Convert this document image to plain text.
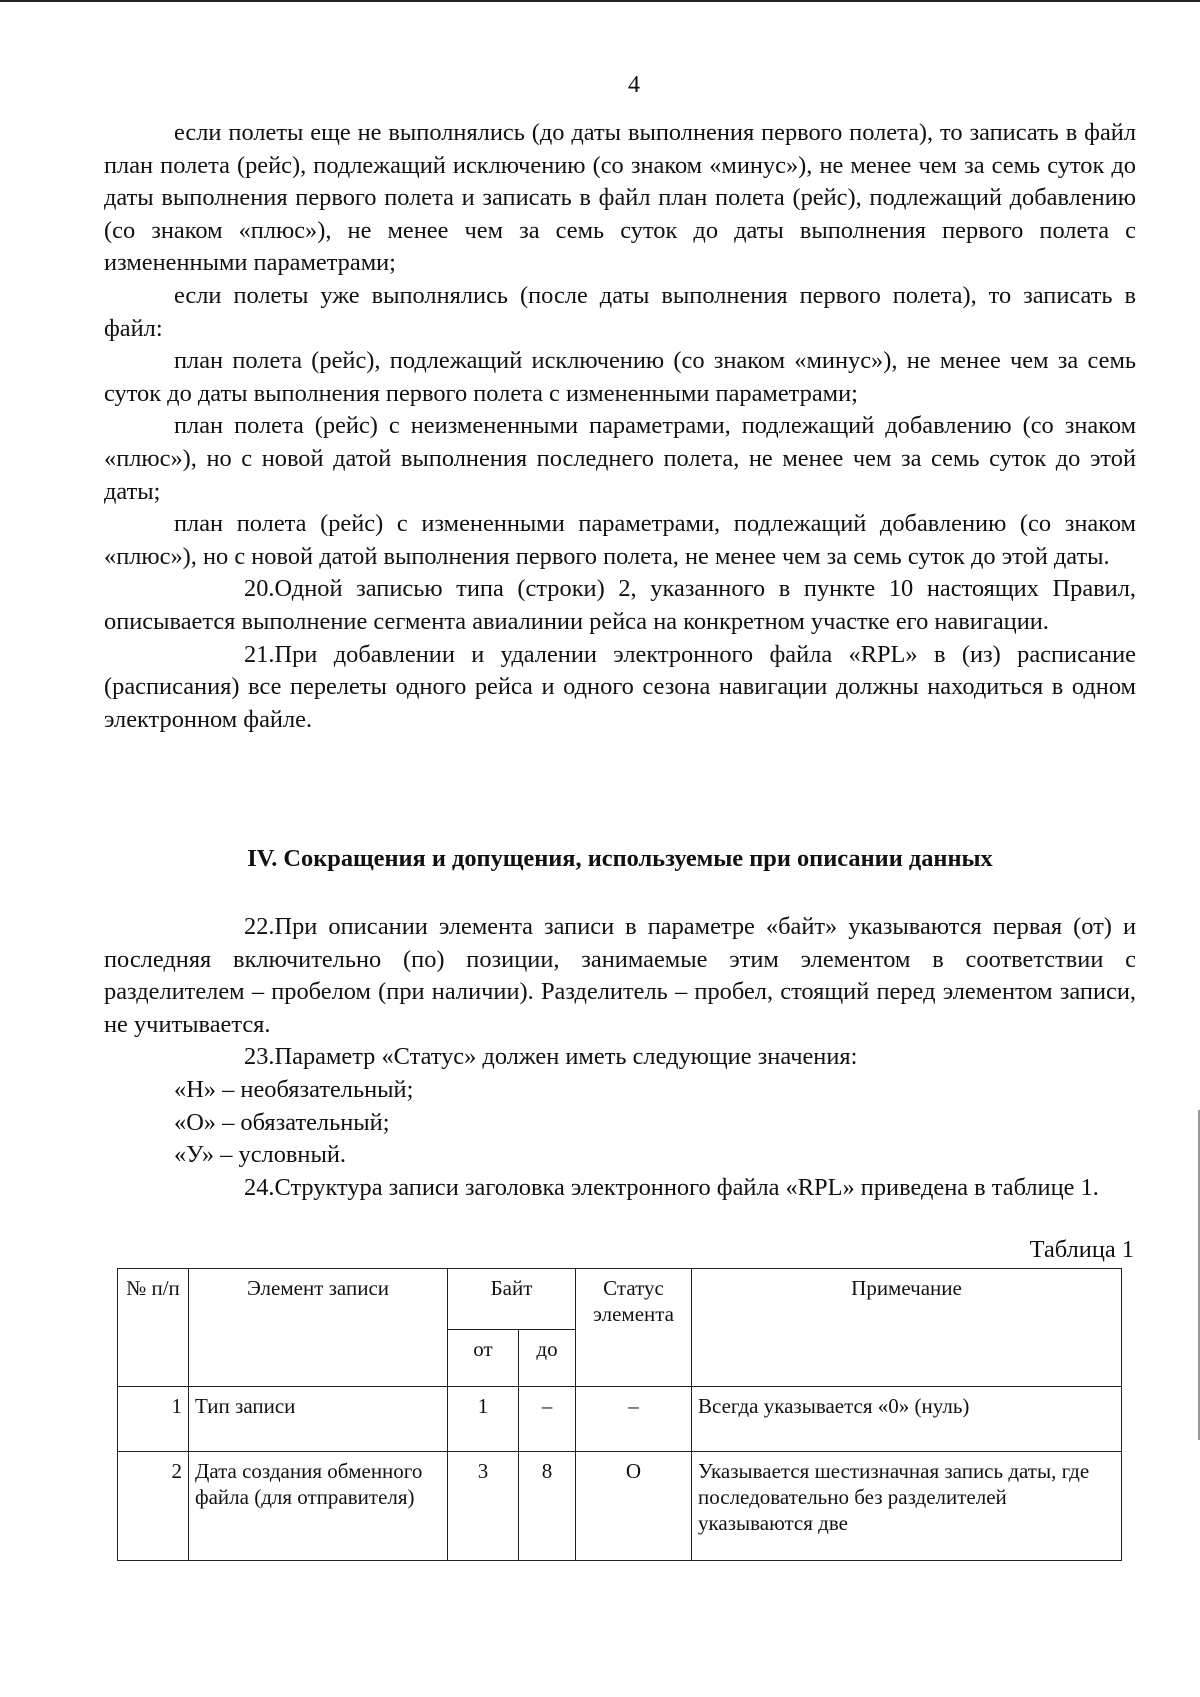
4

если полеты еще не выполнялись (до даты выполнения первого полета), то записать в файл план полета (рейс), подлежащий исключению (со знаком «минус»), не менее чем за семь суток до даты выполнения первого полета и записать в файл план полета (рейс), подлежащий добавлению (со знаком «плюс»), не менее чем за семь суток до даты выполнения первого полета с измененными параметрами;

если полеты уже выполнялись (после даты выполнения первого полета), то записать в файл:

план полета (рейс), подлежащий исключению (со знаком «минус»), не менее чем за семь суток до даты выполнения первого полета с измененными параметрами;

план полета (рейс) с неизмененными параметрами, подлежащий добавлению (со знаком «плюс»), но с новой датой выполнения последнего полета, не менее чем за семь суток до этой даты;

план полета (рейс) с измененными параметрами, подлежащий добавлению (со знаком «плюс»), но с новой датой выполнения первого полета, не менее чем за семь суток до этой даты.

20.Одной записью типа (строки) 2, указанного в пункте 10 настоящих Правил, описывается выполнение сегмента авиалинии рейса на конкретном участке его навигации.

21.При добавлении и удалении электронного файла «RPL» в (из) расписание (расписания) все перелеты одного рейса и одного сезона навигации должны находиться в одном электронном файле.

IV. Сокращения и допущения, используемые при описании данных

22.При описании элемента записи в параметре «байт» указываются первая (от) и последняя включительно (по) позиции, занимаемые этим элементом в соответствии с разделителем – пробелом (при наличии). Разделитель – пробел, стоящий перед элементом записи, не учитывается.

23.Параметр «Статус» должен иметь следующие значения:

«Н» – необязательный;

«О» – обязательный;

«У» – условный.

24.Структура записи заголовка электронного файла «RPL» приведена в таблице 1.

Таблица 1
№ п/п	Элемент записи	Байт		Статус элемента	Примечание
		от	до		
1	Тип записи	1	–	–	Всегда указывается «0» (нуль)
2	Дата создания обменного файла (для отправителя)	3	8	О	Указывается шестизначная запись даты, где последовательно без разделителей указываются две
